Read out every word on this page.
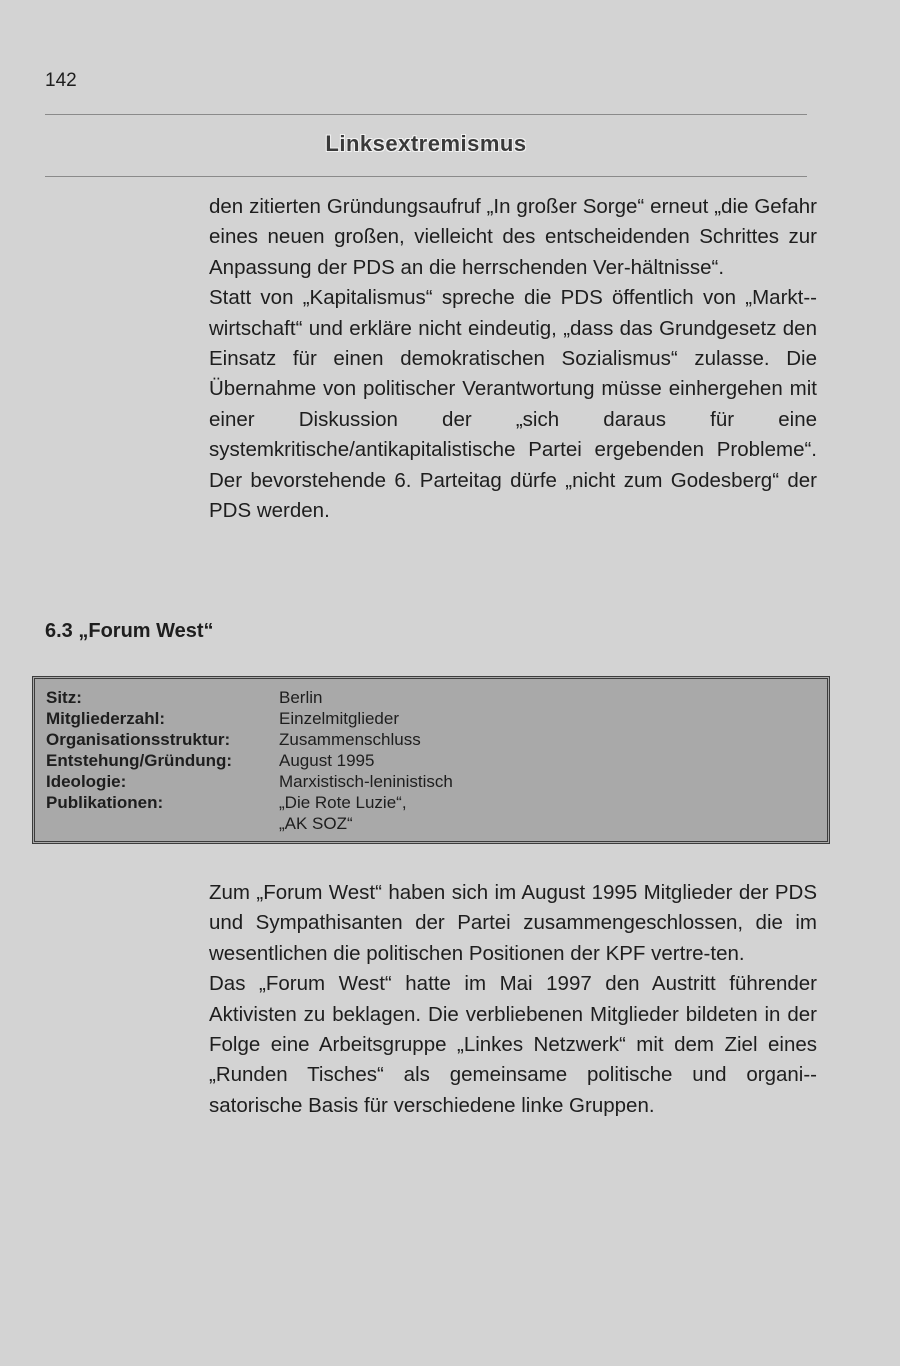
142
Linksextremismus

den zitierten Gründungsaufruf „In großer Sorge“ erneut „die Gefahr eines neuen großen, vielleicht des entscheidenden Schrittes zur Anpassung der PDS an die herrschenden Ver-hältnisse“.

Statt von „Kapitalismus“ spreche die PDS öffentlich von „Markt-wirtschaft“ und erkläre nicht eindeutig, „dass das Grundgesetz den Einsatz für einen demokratischen Sozialismus“ zulasse. Die Übernahme von politischer Verantwortung müsse einhergehen mit einer Diskussion der „sich daraus für eine systemkritische/antikapitalistische Partei ergebenden Probleme“. Der bevorstehende 6. Parteitag dürfe „nicht zum Godesberg“ der PDS werden.

6.3 „Forum West“
Sitz:	Berlin
Mitgliederzahl:	Einzelmitglieder
Organisationsstruktur:	Zusammenschluss
Entstehung/Gründung:	August 1995
Ideologie:	Marxistisch-leninistisch
Publikationen:	„Die Rote Luzie“,
„AK SOZ“

Zum „Forum West“ haben sich im August 1995 Mitglieder der PDS und Sympathisanten der Partei zusammengeschlossen, die im wesentlichen die politischen Positionen der KPF vertre-ten.

Das „Forum West“ hatte im Mai 1997 den Austritt führender Aktivisten zu beklagen. Die verbliebenen Mitglieder bildeten in der Folge eine Arbeitsgruppe „Linkes Netzwerk“ mit dem Ziel eines „Runden Tisches“ als gemeinsame politische und organi-satorische Basis für verschiedene linke Gruppen.
